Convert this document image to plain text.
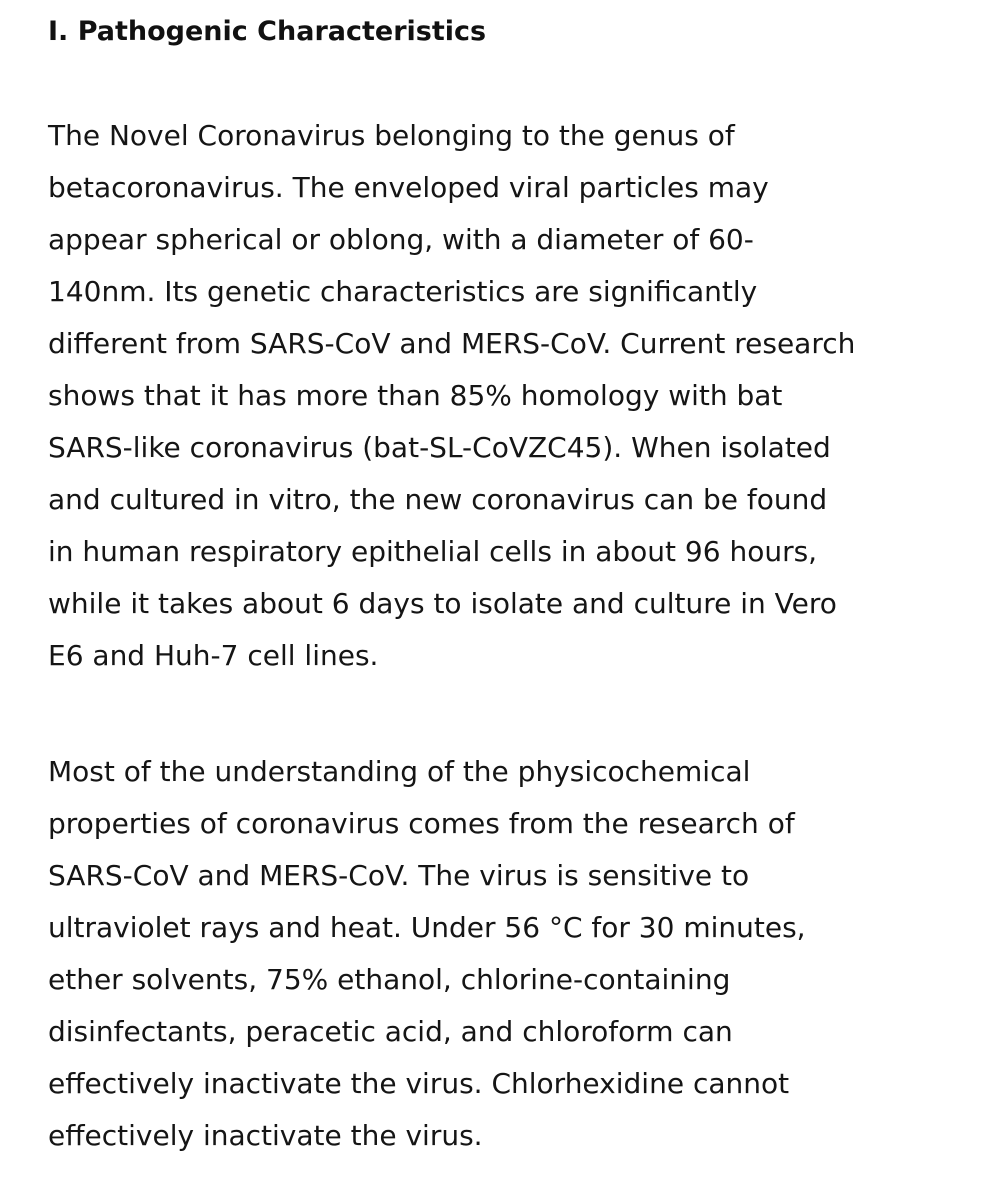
I. Pathogenic Characteristics

The Novel Coronavirus belonging to the genus of
betacoronavirus. The enveloped viral particles may
appear spherical or oblong, with a diameter of 60-
140nm. Its genetic characteristics are significantly
different from SARS-CoV and MERS-CoV. Current research
shows that it has more than 85% homology with bat
SARS-like coronavirus (bat-SL-CoVZC45). When isolated
and cultured in vitro, the new coronavirus can be found
in human respiratory epithelial cells in about 96 hours,
while it takes about 6 days to isolate and culture in Vero
E6 and Huh-7 cell lines.

Most of the understanding of the physicochemical
properties of coronavirus comes from the research of
SARS-CoV and MERS-CoV. The virus is sensitive to
ultraviolet rays and heat. Under 56 °C for 30 minutes,
ether solvents, 75% ethanol, chlorine-containing
disinfectants, peracetic acid, and chloroform can
effectively inactivate the virus. Chlorhexidine cannot
effectively inactivate the virus.
